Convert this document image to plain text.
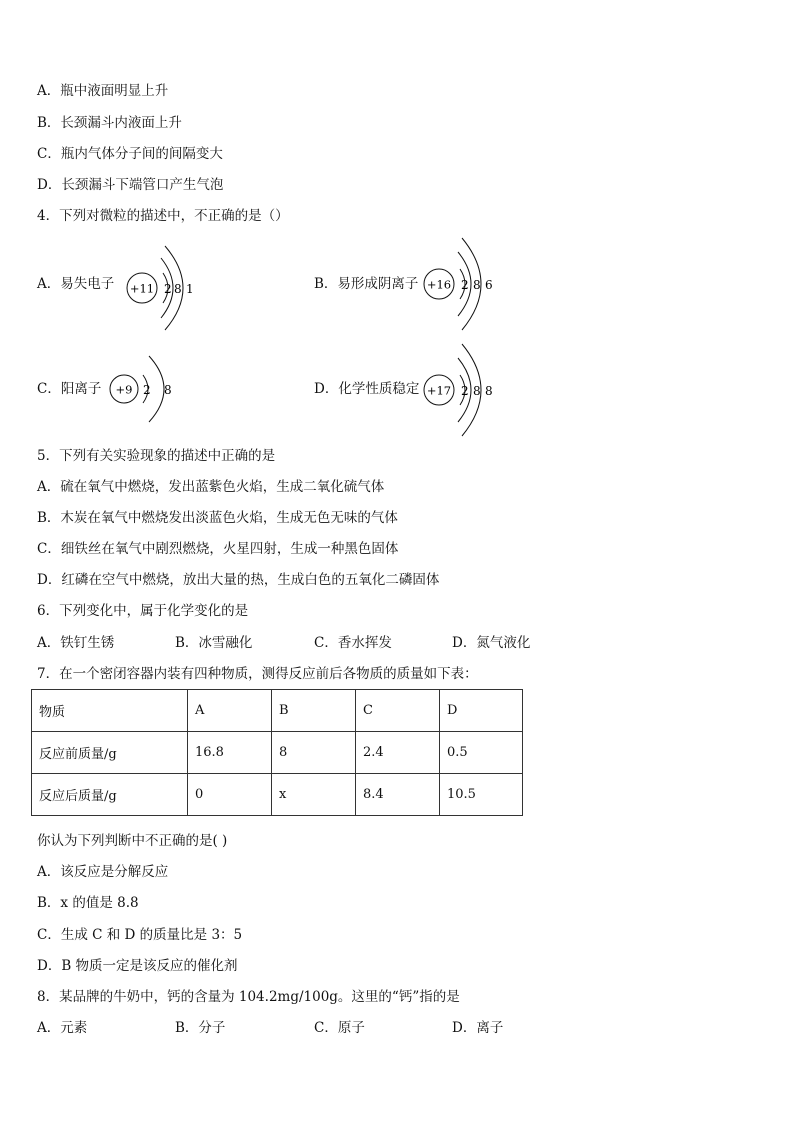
A．瓶中液面明显上升
B．长颈漏斗内液面上升
C．瓶内气体分子间的间隔变大
D．长颈漏斗下端管口产生气泡
4．下列对微粒的描述中，不正确的是（）
A．易失电子 +11 2 8 1	B．易形成阴离子 +16 2 8 6
C．阳离子 +9 2 8	D．化学性质稳定 +17 2 8 8
5．下列有关实验现象的描述中正确的是
A．硫在氧气中燃烧，发出蓝紫色火焰，生成二氧化硫气体
B．木炭在氧气中燃烧发出淡蓝色火焰，生成无色无味的气体
C．细铁丝在氧气中剧烈燃烧，火星四射，生成一种黑色固体
D．红磷在空气中燃烧，放出大量的热，生成白色的五氧化二磷固体
6．下列变化中，属于化学变化的是
A．铁钉生锈	B．冰雪融化	C．香水挥发	D．氮气液化
7．在一个密闭容器内装有四种物质，测得反应前后各物质的质量如下表：
物质	A	B	C	D
反应前质量/g	16.8	8	2.4	0.5
反应后质量/g	0	x	8.4	10.5
你认为下列判断中不正确的是( )
A．该反应是分解反应
B．x 的值是 8.8
C．生成 C 和 D 的质量比是 3：5
D．B 物质一定是该反应的催化剂
8．某品牌的牛奶中，钙的含量为 104.2mg/100g。这里的“钙”指的是
A．元素	B．分子	C．原子	D．离子
